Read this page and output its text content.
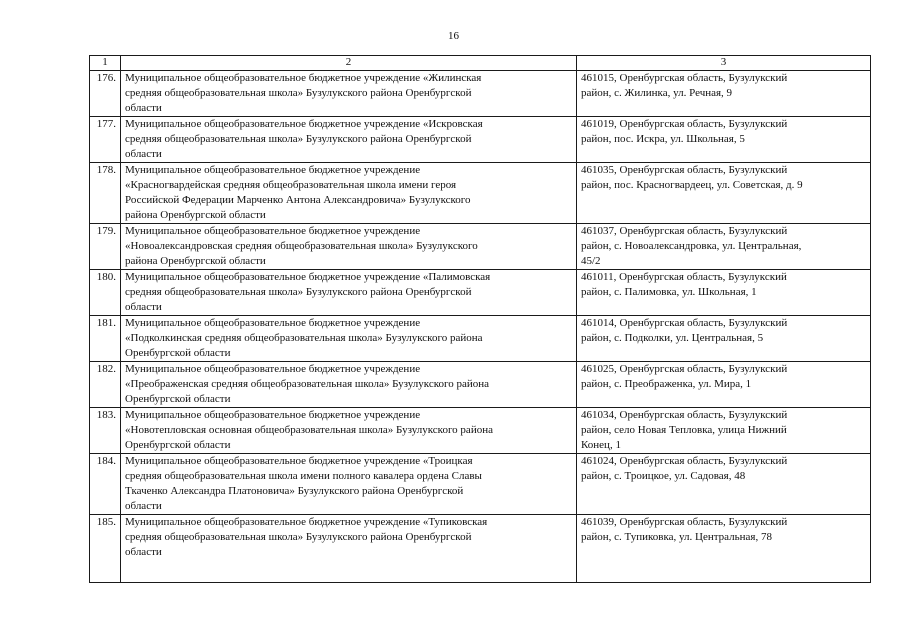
16
1	2	3
176.	Муниципальное общеобразовательное бюджетное учреждение «Жилинская
средняя общеобразовательная школа» Бузулукского района Оренбургской
области	461015, Оренбургская область, Бузулукский
район, с. Жилинка, ул. Речная, 9
177.	Муниципальное общеобразовательное бюджетное учреждение «Искровская
средняя общеобразовательная школа» Бузулукского района Оренбургской
области	461019, Оренбургская область, Бузулукский
район, пос. Искра, ул. Школьная, 5
178.	Муниципальное общеобразовательное бюджетное учреждение
«Красногвардейская средняя общеобразовательная школа имени героя
Российской Федерации Марченко Антона Александровича» Бузулукского
района Оренбургской области	461035, Оренбургская область, Бузулукский
район, пос. Красногвардеец, ул. Советская, д. 9
179.	Муниципальное общеобразовательное бюджетное учреждение
«Новоалександровская средняя общеобразовательная школа» Бузулукского
района Оренбургской области	461037, Оренбургская область, Бузулукский
район, с. Новоалександровка, ул. Центральная,
45/2
180.	Муниципальное общеобразовательное бюджетное учреждение «Палимовская
средняя общеобразовательная школа» Бузулукского района Оренбургской
области	461011, Оренбургская область, Бузулукский
район, с. Палимовка, ул. Школьная, 1
181.	Муниципальное общеобразовательное бюджетное учреждение
«Подколкинская средняя общеобразовательная школа» Бузулукского района
Оренбургской области	461014, Оренбургская область, Бузулукский
район, с. Подколки, ул. Центральная, 5
182.	Муниципальное общеобразовательное бюджетное учреждение
«Преображенская средняя общеобразовательная школа» Бузулукского района
Оренбургской области	461025, Оренбургская область, Бузулукский
район, с. Преображенка, ул. Мира, 1
183.	Муниципальное общеобразовательное бюджетное учреждение
«Новотепловская основная общеобразовательная школа» Бузулукского района
Оренбургской области	461034, Оренбургская область, Бузулукский
район, село Новая Тепловка, улица Нижний
Конец, 1
184.	Муниципальное общеобразовательное бюджетное учреждение «Троицкая
средняя общеобразовательная школа имени полного кавалера ордена Славы
Ткаченко Александра Платоновича» Бузулукского района Оренбургской
области	461024, Оренбургская область, Бузулукский
район, с. Троицкое, ул. Садовая, 48
185.	Муниципальное общеобразовательное бюджетное учреждение «Тупиковская
средняя общеобразовательная школа» Бузулукского района Оренбургской
области	461039, Оренбургская область, Бузулукский
район, с. Тупиковка, ул. Центральная, 78
